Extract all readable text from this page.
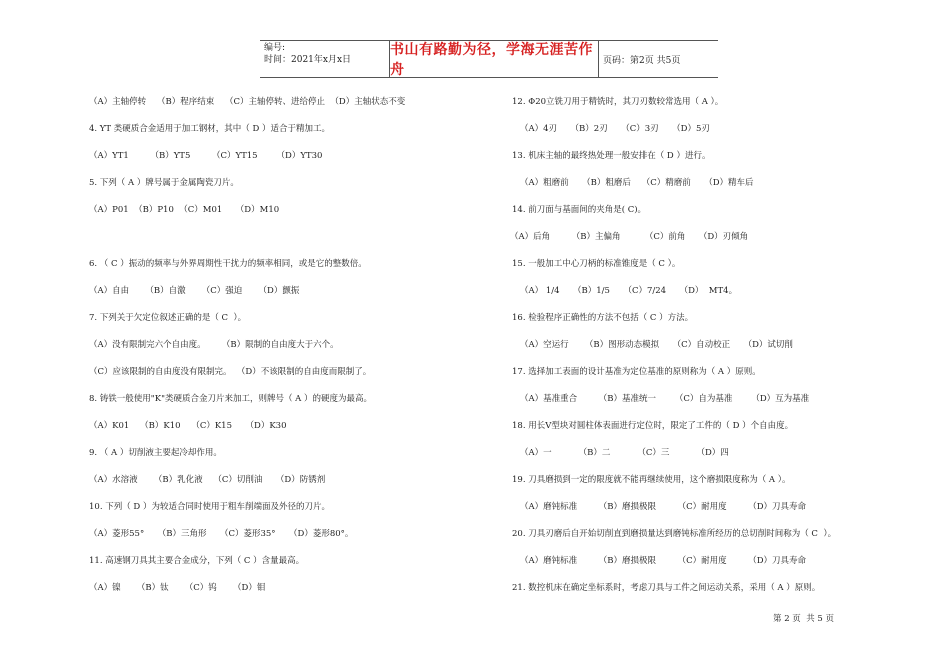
编号:
时间：2021年x月x日
书山有路勤为径，学海无涯苦作舟
页码：第2页 共5页
（A）主轴停转    （B）程序结束    （C）主轴停转、进给停止  （D）主轴状态不变
4. YT 类硬质合金适用于加工钢材，其中（ D ）适合于精加工。
（A）YT1        （B）YT5        （C）YT15       （D）YT30
5. 下列（ A ）牌号属于金属陶瓷刀片。
（A）P01  （B）P10  （C）M01     （D）M10
6. （ C ）振动的频率与外界周期性干扰力的频率相同，或是它的整数倍。
（A）自由      （B）自激      （C）强迫      （D）颤振
7. 下列关于欠定位叙述正确的是（ C  ）。
（A）没有限制完六个自由度。      （B）限制的自由度大于六个。
（C）应该限制的自由度没有限制完。  （D）不该限制的自由度而限制了。
8. 铸铁一般使用"K"类硬质合金刀片来加工，则牌号（ A ）的硬度为最高。
（A）K01    （B）K10    （C）K15     （D）K30
9. （ A ）切削液主要起冷却作用。
（A）水溶液      （B）乳化液    （C）切削油     （D）防锈剂
10. 下列（ D ）为较适合同时使用于粗车削端面及外径的刀片。
（A）菱形55°     （B）三角形     （C）菱形35°     （D）菱形80°。
11. 高速钢刀具其主要合金成分，下列（ C ）含量最高。
（A）镍      （B）钛      （C）钨      （D）钼
12. Φ20立铣刀用于精铣时，其刀刃数较常选用（ A ）。
（A）4刃     （B）2刃     （C）3刃     （D）5刃
13. 机床主轴的最终热处理一般安排在（ D ）进行。
（A）粗磨前     （B）粗磨后    （C）精磨前     （D）精车后
14. 前刀面与基面间的夹角是( C)。
（A）后角        （B）主偏角         （C）前角     （D）刃倾角
15. 一般加工中心刀柄的标准锥度是（ C ）。
（A） 1/4     （B）1/5     （C）7/24     （D）  MT4。
16. 检验程序正确性的方法不包括（ C ）方法。
（A）空运行      （B）图形动态模拟     （C）自动校正     （D）试切削
17. 选择加工表面的设计基准为定位基准的原则称为（ A ）原则。
（A）基准重合        （B）基准统一       （C）自为基准       （D）互为基准
18. 用长V型块对圆柱体表面进行定位时，限定了工件的（ D ）个自由度。
（A）一          （B）二          （C）三          （D）四
19. 刀具磨损到一定的限度就不能再继续使用，这个磨损限度称为（ A ）。
（A）磨钝标准        （B）磨损极限        （C）耐用度        （D）刀具寿命
20. 刀具刃磨后自开始切削直到磨损量达到磨钝标准所经历的总切削时间称为（ C  ）。
（A）磨钝标准        （B）磨损极限        （C）耐用度        （D）刀具寿命
21. 数控机床在确定坐标系时，考虑刀具与工件之间运动关系，采用（ A ）原则。
第 2 页  共 5 页
